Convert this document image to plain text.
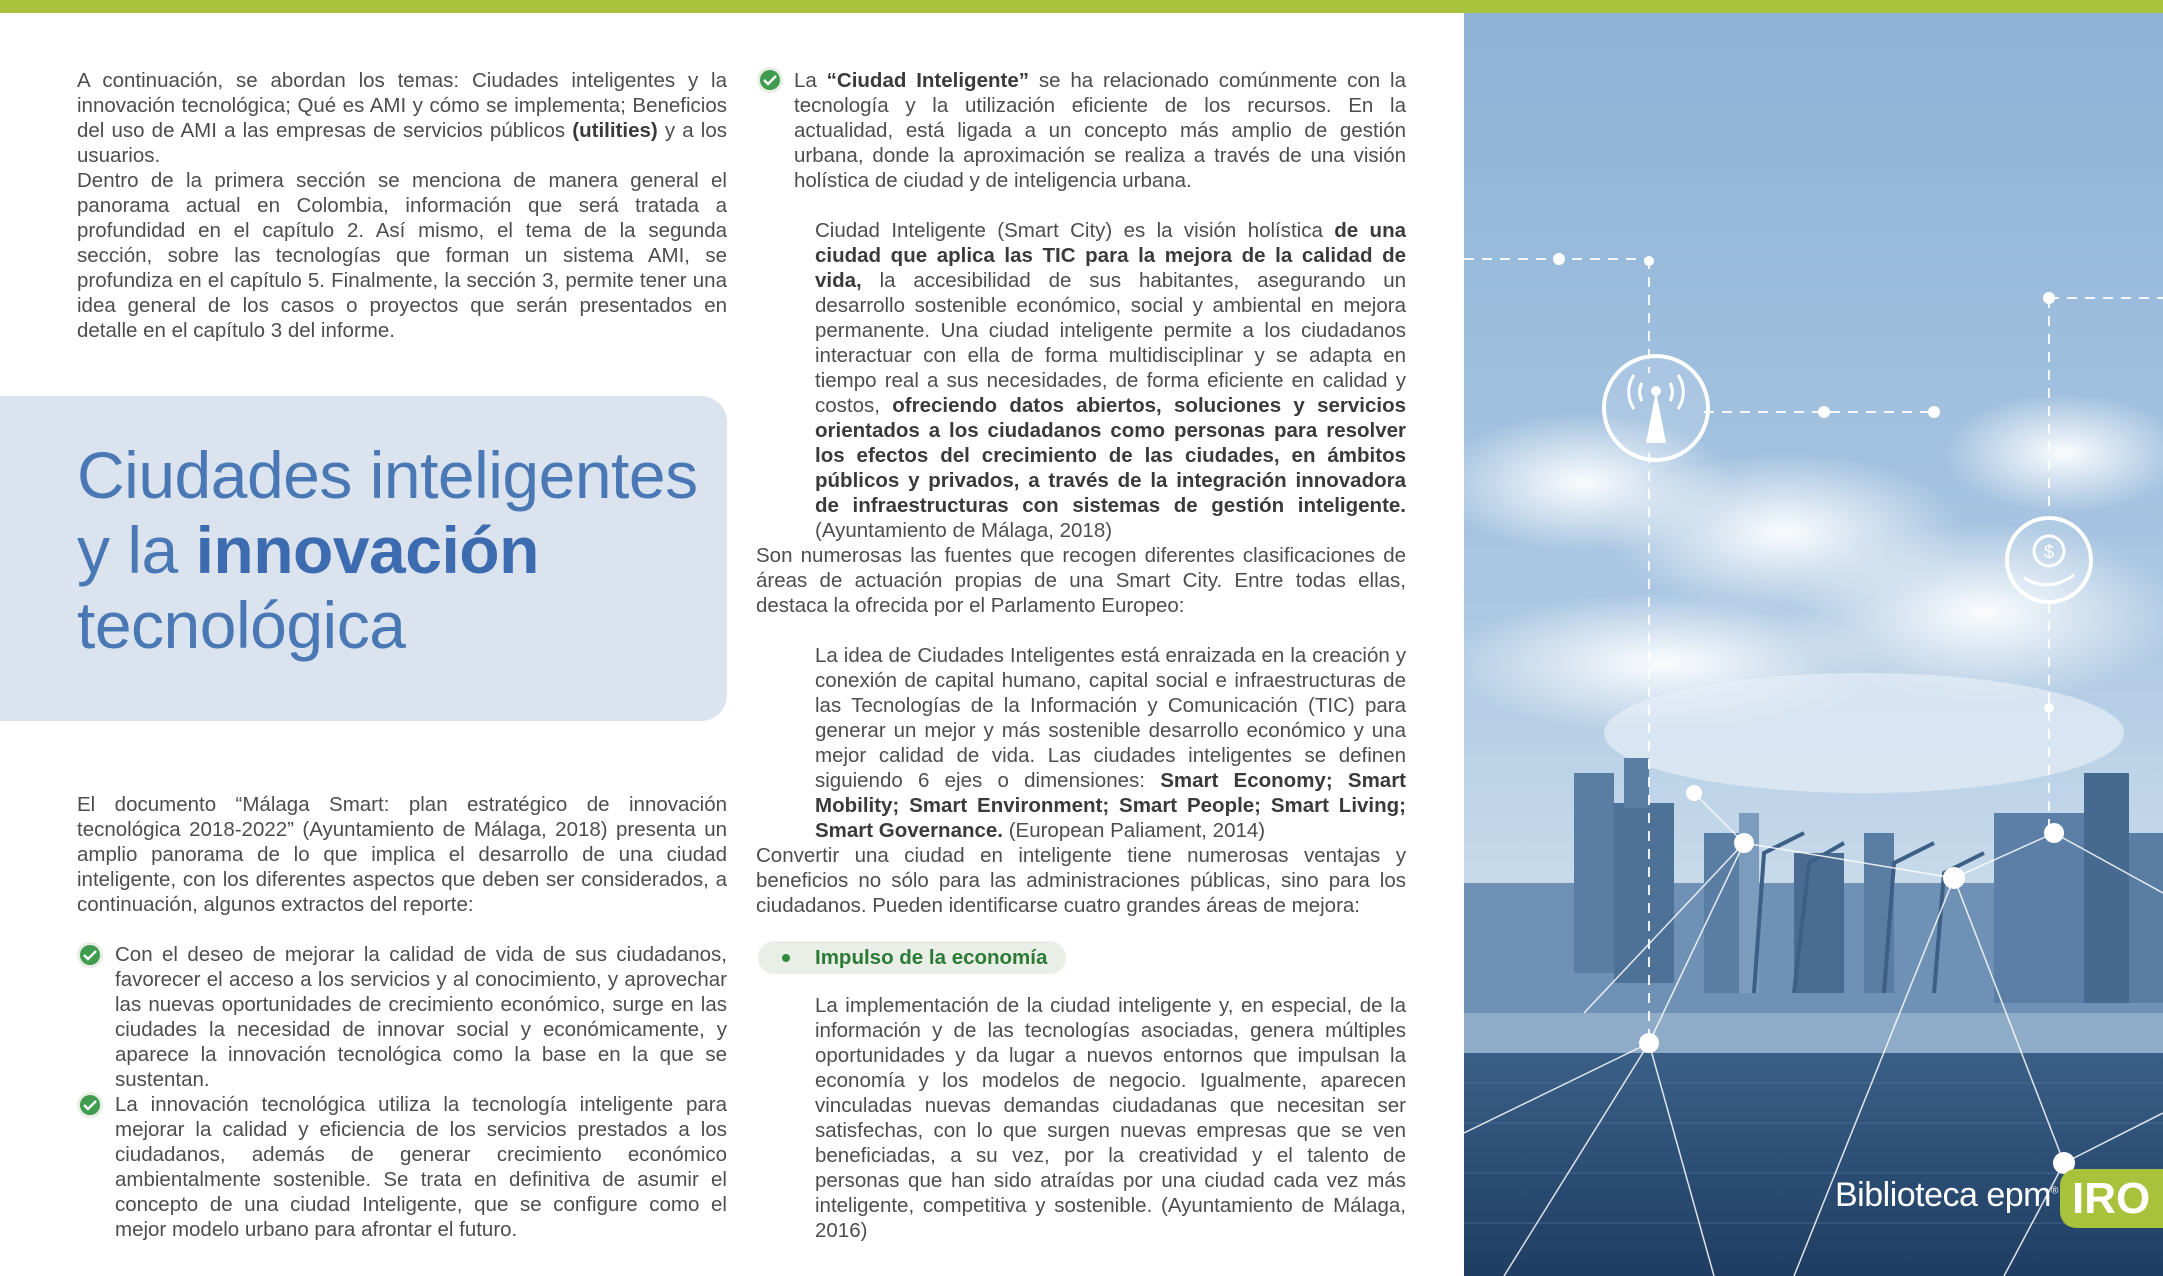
A continuación, se abordan los temas: Ciudades inteligentes y la innovación tecnológica; Qué es AMI y cómo se implementa; Beneficios del uso de AMI a las empresas de servicios públicos (utilities) y a los usuarios.
Dentro de la primera sección se menciona de manera general el panorama actual en Colombia, información que será tratada a profundidad en el capítulo 2. Así mismo, el tema de la segunda sección, sobre las tecnologías que forman un sistema AMI, se profundiza en el capítulo 5. Finalmente, la sección 3, permite tener una idea general de los casos o proyectos que serán presentados en detalle en el capítulo 3 del informe.
Ciudades inteligentes
y la innovación
tecnológica
El documento “Málaga Smart: plan estratégico de innovación tecnológica 2018-2022” (Ayuntamiento de Málaga, 2018) presenta un amplio panorama de lo que implica el desarrollo de una ciudad inteligente, con los diferentes aspectos que deben ser considerados, a continuación, algunos extractos del reporte:
Con el deseo de mejorar la calidad de vida de sus ciudadanos, favorecer el acceso a los servicios y al conocimiento, y aprovechar las nuevas oportunidades de crecimiento económico, surge en las ciudades la necesidad de innovar social y económicamente, y aparece la innovación tecnológica como la base en la que se sustentan.
La innovación tecnológica utiliza la tecnología inteligente para mejorar la calidad y eficiencia de los servicios prestados a los ciudadanos, además de generar crecimiento económico ambientalmente sostenible. Se trata en definitiva de asumir el concepto de una ciudad Inteligente, que se configure como el mejor modelo urbano para afrontar el futuro.
La “Ciudad Inteligente” se ha relacionado comúnmente con la tecnología y la utilización eficiente de los recursos. En la actualidad, está ligada a un concepto más amplio de gestión urbana, donde la aproximación se realiza a través de una visión holística de ciudad y de inteligencia urbana.
Ciudad Inteligente (Smart City) es la visión holística de una ciudad que aplica las TIC para la mejora de la calidad de vida, la accesibilidad de sus habitantes, asegurando un desarrollo sostenible económico, social y ambiental en mejora permanente. Una ciudad inteligente permite a los ciudadanos interactuar con ella de forma multidisciplinar y se adapta en tiempo real a sus necesidades, de forma eficiente en calidad y costos, ofreciendo datos abiertos, soluciones y servicios orientados a los ciudadanos como personas para resolver los efectos del crecimiento de las ciudades, en ámbitos públicos y privados, a través de la integración innovadora de infraestructuras con sistemas de gestión inteligente. (Ayuntamiento de Málaga, 2018)
Son numerosas las fuentes que recogen diferentes clasificaciones de áreas de actuación propias de una Smart City. Entre todas ellas, destaca la ofrecida por el Parlamento Europeo:
La idea de Ciudades Inteligentes está enraizada en la creación y conexión de capital humano, capital social e infraestructuras de las Tecnologías de la Información y Comunicación (TIC) para generar un mejor y más sostenible desarrollo económico y una mejor calidad de vida. Las ciudades inteligentes se definen siguiendo 6 ejes o dimensiones: Smart Economy; Smart Mobility; Smart Environment; Smart People; Smart Living; Smart Governance. (European Paliament, 2014)
Convertir una ciudad en inteligente tiene numerosas ventajas y beneficios no sólo para las administraciones públicas, sino para los ciudadanos. Pueden identificarse cuatro grandes áreas de mejora:
Impulso de la economía
La implementación de la ciudad inteligente y, en especial, de la información y de las tecnologías asociadas, genera múltiples oportunidades y da lugar a nuevos entornos que impulsan la economía y los modelos de negocio. Igualmente, aparecen vinculadas nuevas demandas ciudadanas que necesitan ser satisfechas, con lo que surgen nuevas empresas que se ven beneficiadas, a su vez, por la creatividad y el talento de personas que han sido atraídas por una ciudad cada vez más inteligente, competitiva y sostenible. (Ayuntamiento de Málaga, 2016)
$
Biblioteca epm® IRO
